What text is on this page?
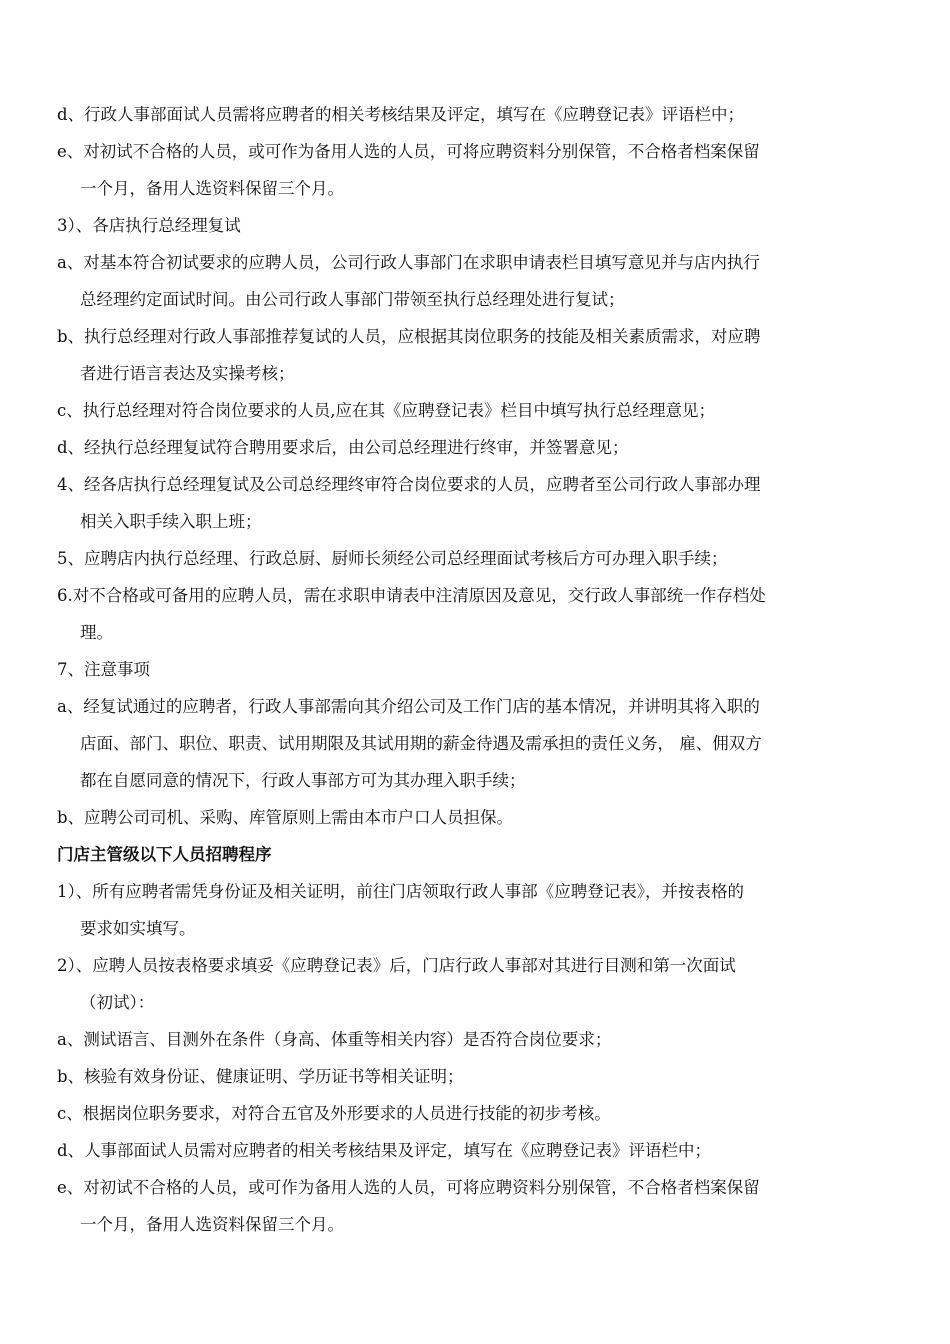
d、行政人事部面试人员需将应聘者的相关考核结果及评定，填写在《应聘登记表》评语栏中；
e、对初试不合格的人员，或可作为备用人选的人员，可将应聘资料分别保管，不合格者档案保留
一个月，备用人选资料保留三个月。
3）、各店执行总经理复试
a、对基本符合初试要求的应聘人员，公司行政人事部门在求职申请表栏目填写意见并与店内执行
总经理约定面试时间。由公司行政人事部门带领至执行总经理处进行复试；
b、执行总经理对行政人事部推荐复试的人员，应根据其岗位职务的技能及相关素质需求，对应聘
者进行语言表达及实操考核；
c、执行总经理对符合岗位要求的人员,应在其《应聘登记表》栏目中填写执行总经理意见；
d、经执行总经理复试符合聘用要求后，由公司总经理进行终审，并签署意见；
4、经各店执行总经理复试及公司总经理终审符合岗位要求的人员，应聘者至公司行政人事部办理
相关入职手续入职上班；
5、应聘店内执行总经理、行政总厨、厨师长须经公司总经理面试考核后方可办理入职手续；
6.对不合格或可备用的应聘人员，需在求职申请表中注清原因及意见，交行政人事部统一作存档处
理。
7、注意事项
a、经复试通过的应聘者，行政人事部需向其介绍公司及工作门店的基本情况，并讲明其将入职的
店面、部门、职位、职责、试用期限及其试用期的薪金待遇及需承担的责任义务， 雇、佣双方
都在自愿同意的情况下，行政人事部方可为其办理入职手续；
b、应聘公司司机、采购、库管原则上需由本市户口人员担保。
门店主管级以下人员招聘程序
1）、所有应聘者需凭身份证及相关证明，前往门店领取行政人事部《应聘登记表》，并按表格的
要求如实填写。
2）、应聘人员按表格要求填妥《应聘登记表》后，门店行政人事部对其进行目测和第一次面试
（初试）：
a、测试语言、目测外在条件（身高、体重等相关内容）是否符合岗位要求；
b、核验有效身份证、健康证明、学历证书等相关证明；
c、根据岗位职务要求，对符合五官及外形要求的人员进行技能的初步考核。
d、人事部面试人员需对应聘者的相关考核结果及评定，填写在《应聘登记表》评语栏中；
e、对初试不合格的人员，或可作为备用人选的人员，可将应聘资料分别保管，不合格者档案保留
一个月，备用人选资料保留三个月。
